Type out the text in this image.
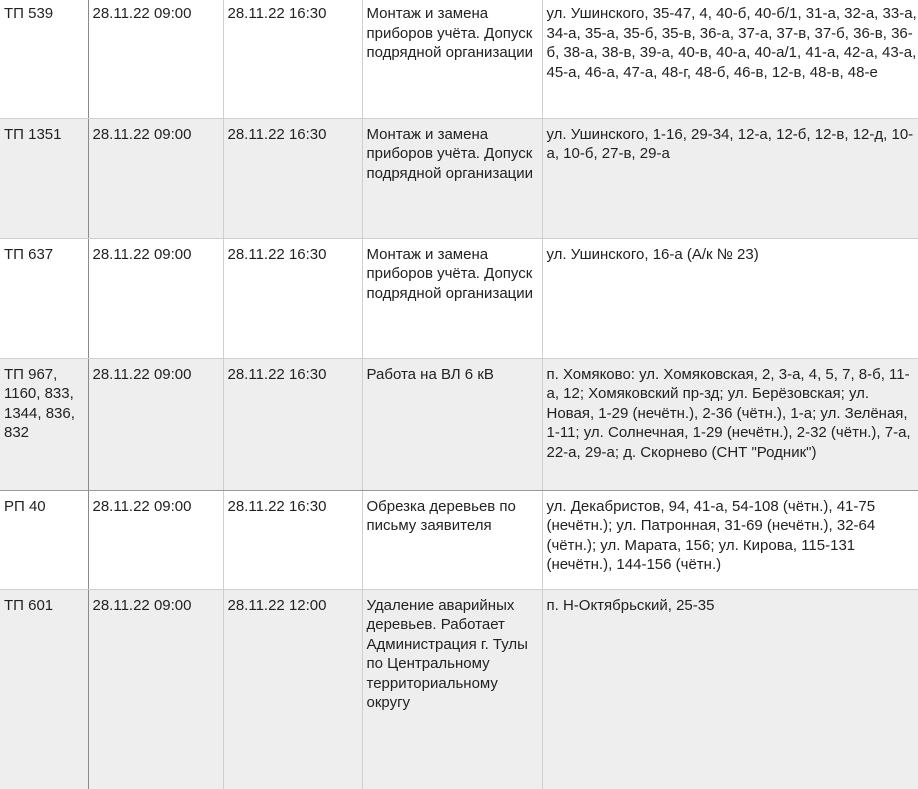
ТП 539	28.11.22 09:00	28.11.22 16:30	Монтаж и замена приборов учёта. Допуск подрядной организации	ул. Ушинского, 35-47, 4, 40-б, 40-б/1, 31-а, 32-а, 33-а, 34-а, 35-а, 35-б, 35-в, 36-а, 37-а, 37-в, 37-б, 36-в, 36-б, 38-а, 38-в, 39-а, 40-в, 40-а, 40-а/1, 41-а, 42-а, 43-а, 45-а, 46-а, 47-а, 48-г, 48-б, 46-в, 12-в, 48-в, 48-е
ТП 1351	28.11.22 09:00	28.11.22 16:30	Монтаж и замена приборов учёта. Допуск подрядной организации	ул. Ушинского, 1-16, 29-34, 12-а, 12-б, 12-в, 12-д, 10-а, 10-б, 27-в, 29-а
ТП 637	28.11.22 09:00	28.11.22 16:30	Монтаж и замена приборов учёта. Допуск подрядной организации	ул. Ушинского, 16-а (А/к № 23)
ТП 967, 1160, 833, 1344, 836, 832	28.11.22 09:00	28.11.22 16:30	Работа на ВЛ 6 кВ	п. Хомяково: ул. Хомяковская, 2, 3-а, 4, 5, 7, 8-б, 11-а, 12; Хомяковский пр-зд; ул. Берёзовская; ул. Новая, 1-29 (нечётн.), 2-36 (чётн.), 1-а; ул. Зелёная, 1-11; ул. Солнечная, 1-29 (нечётн.), 2-32 (чётн.), 7-а, 22-а, 29-а; д. Скорнево (СНТ "Родник")
РП 40	28.11.22 09:00	28.11.22 16:30	Обрезка деревьев по письму заявителя	ул. Декабристов, 94, 41-а, 54-108 (чётн.), 41-75 (нечётн.); ул. Патронная, 31-69 (нечётн.), 32-64 (чётн.); ул. Марата, 156; ул. Кирова, 115-131 (нечётн.), 144-156 (чётн.)
ТП 601	28.11.22 09:00	28.11.22 12:00	Удаление аварийных деревьев. Работает Администрация г. Тулы по Центральному территориальному округу	п. Н-Октябрьский, 25-35
